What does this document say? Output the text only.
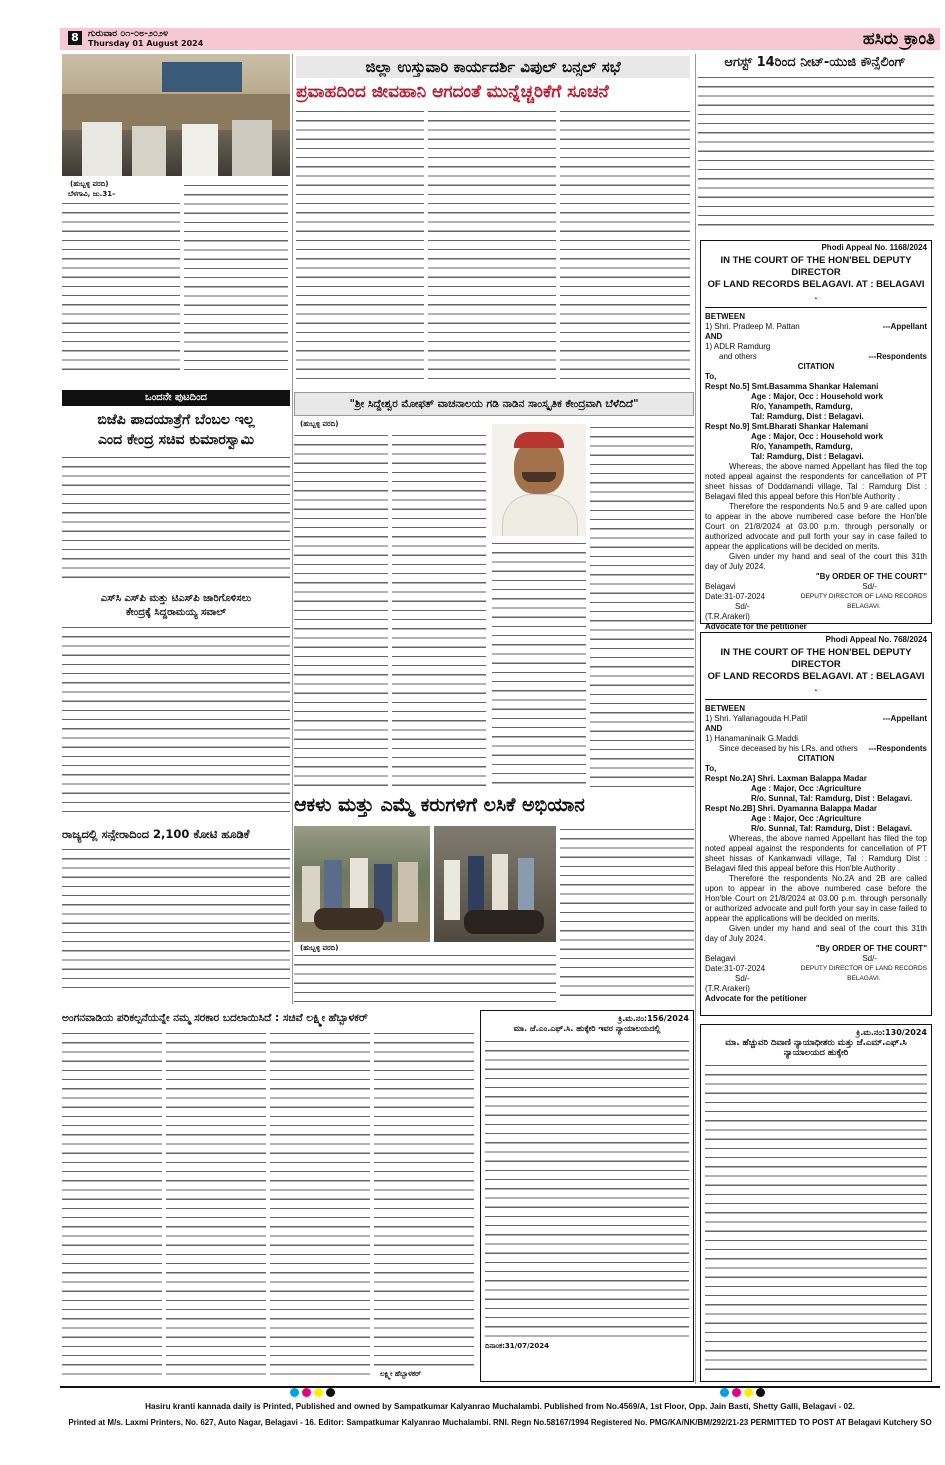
8	ಗುರುವಾರ ೦೧-೦೮-೨೦೨೪
Thursday 01 August 2024	ಹಸಿರು ಕ್ರಾಂತಿ
(ಹುಬ್ಬಳ್ಳಿ ವರದಿ)
ಜಿಲ್ಲಾ ಉಸ್ತುವಾರಿ ಕಾರ್ಯದರ್ಶಿ ವಿಪುಲ್ ಬನ್ಸಲ್ ಸಭೆ
ಪ್ರವಾಹದಿಂದ ಜೀವಹಾನಿ ಆಗದಂತೆ ಮುನ್ನೆಚ್ಚರಿಕೆಗೆ ಸೂಚನೆ
ಬೆಳಗಾವಿ, ಜು.31–
ಆಗಸ್ಟ್ 14ರಿಂದ ನೀಟ್-ಯುಜಿ ಕೌನ್ಸೆಲಿಂಗ್
Phodi Appeal No. 1168/2024
IN THE COURT OF THE HON'BEL DEPUTY DIRECTOR
OF LAND RECORDS BELAGAVI. AT : BELAGAVI .
BETWEEN
1) Shri. Pradeep M. Pattan	---Appellant
AND
1) ADLR Ramdurg
and others	---Respondents
CITATION
To,
Respt No.5] Smt.Basamma Shankar Halemani
Age : Major, Occ : Household work
R/o, Yanampeth, Ramdurg,
Tal: Ramdurg, Dist : Belagavi.
Respt No.9] Smt.Bharati Shankar Halemani
Age : Major, Occ : Household work
R/o, Yanampeth, Ramdurg,
Tal: Ramdurg, Dist : Belagavi.
Whereas, the above named Appellant has filed the top noted appeal against the respondents for cancellation of PT sheet hissas of Doddamandi village, Tal : Ramdurg Dist : Belagavi filed this appeal before this Hon'ble Authority .
Therefore the respondents No.5 and 9 are called upon to appear in the above numbered case before the Hon'ble Court on 21/8/2024 at 03.00 p.m. through personally or authorized advocate and pull forth your say in case failed to appear the applications will be decided on merits.
Given under my hand and seal of the court this 31th day of July 2024.
"By ORDER OF THE COURT"
Belagavi	Sd/-
Date:31-07-2024
Sd/-
DEPUTY DIRECTOR OF LAND RECORDS
BELAGAVI.
(T.R.Arakeri)
Advocate for the petitioner
Phodi Appeal No. 768/2024
IN THE COURT OF THE HON'BEL DEPUTY DIRECTOR
OF LAND RECORDS BELAGAVI. AT : BELAGAVI .
BETWEEN
1) Shri. Yallanagouda H.Patil	---Appellant
AND
1) Hanamaninaik G.Maddi
Since deceased by his LRs. and others ---Respondents
CITATION
To,
Respt No.2A] Shri. Laxman Balappa Madar
Age : Major, Occ :Agriculture
R/o. Sunnal, Tal: Ramdurg, Dist : Belagavi.
Respt No.2B] Shri. Dyamanna Balappa Madar
Age : Major, Occ :Agriculture
R/o. Sunnal, Tal: Ramdurg, Dist : Belagavi.
Whereas, the above named Appellant has filed the top noted appeal against the respondents for cancellation of PT sheet hissas of Kankanwadi village, Tal : Ramdurg Dist : Belagavi filed this appeal before this Hon'ble Authority .
Therefore the respondents No.2A and 2B are called upon to appear in the above numbered case before the Hon'ble Court on 21/8/2024 at 03.00 p.m. through personally or authorized advocate and pull forth your say in case failed to appear the applications will be decided on merits.
Given under my hand and seal of the court this 31th day of July 2024.
"By ORDER OF THE COURT"
Belagavi	Sd/-
Date:31-07-2024
Sd/-
DEPUTY DIRECTOR OF LAND RECORDS
BELAGAVI.
(T.R.Arakeri)
Advocate for the petitioner
ಕ್ರಿ.ಮ.ನಂ:130/2024
ಮಾ. ಹೆಚ್ಚುವರಿ ದಿವಾಣಿ ನ್ಯಾಯಾಧೀಶರು ಮತ್ತು ಜೆ.ಎಮ್.ಎಫ್.ಸಿ
ನ್ಯಾಯಾಲಯದ ಹುಕ್ಕೇರಿ
ಒಂದನೇ ಪುಟದಿಂದ
ಬಿಜೆಪಿ ಪಾದಯಾತ್ರೆಗೆ ಬೆಂಬಲ ಇಲ್ಲ
ಎಂದ ಕೇಂದ್ರ ಸಚಿವ ಕುಮಾರಸ್ವಾಮಿ
ಎಸ್‌ಸಿ ಎಸ್‌ಪಿ ಮತ್ತು ಟಿಎಸ್‌ಪಿ ಜಾರಿಗೊಳಿಸಲು
ಕೇಂದ್ರಕ್ಕೆ ಸಿದ್ದರಾಮಯ್ಯ ಸವಾಲ್
ರಾಜ್ಯದಲ್ಲಿ ಸನ್ಸೇರಾದಿಂದ 2,100 ಕೋಟಿ ಹೂಡಿಕೆ
"ಶ್ರೀ ಸಿದ್ದೇಶ್ವರ ಮೋಫತ್ ವಾಚನಾಲಯ ಗಡಿ ನಾಡಿನ ಸಾಂಸ್ಕೃತಿಕ ಕೇಂದ್ರವಾಗಿ ಬೆಳೆದಿದೆ"
(ಹುಬ್ಬಳ್ಳಿ ವರದಿ)
ಆಕಳು ಮತ್ತು ಎಮ್ಮೆ ಕರುಗಳಿಗೆ ಲಸಿಕೆ ಅಭಿಯಾನ
(ಹುಬ್ಬಳ್ಳಿ ವರದಿ)
ಅಂಗನವಾಡಿಯ ಪರಿಕಲ್ಪನೆಯನ್ನೇ ನಮ್ಮ ಸರಕಾರ ಬದಲಾಯಿಸಿದೆ : ಸಚಿವೆ ಲಕ್ಷ್ಮೀ ಹೆಬ್ಬಾಳಕರ್
ಲಕ್ಷ್ಮೀ ಹೆಬ್ಬಾಳಕರ್
ಕ್ರಿ.ಮ.ನಂ:156/2024
ಮಾ. ಜೆ.ಎಂ.ಎಫ್.ಸಿ. ಹುಕ್ಕೇರಿ ಇವರ ನ್ಯಾಯಾಲಯದಲ್ಲಿ
ದಿನಾಂಕ:31/07/2024
Hasiru kranti kannada daily is Printed, Published and owned by Sampatkumar Kalyanrao Muchalambi. Published from No.4569/A, 1st Floor, Opp. Jain Basti, Shetty Galli, Belagavi - 02.
Printed at M/s. Laxmi Printers, No. 627, Auto Nagar, Belagavi - 16. Editor: Sampatkumar Kalyanrao Muchalambi. RNI. Regn No.58167/1994 Registered No. PMG/KA/NK/BM/292/21-23 PERMITTED TO POST AT Belagavi Kutchery SO
